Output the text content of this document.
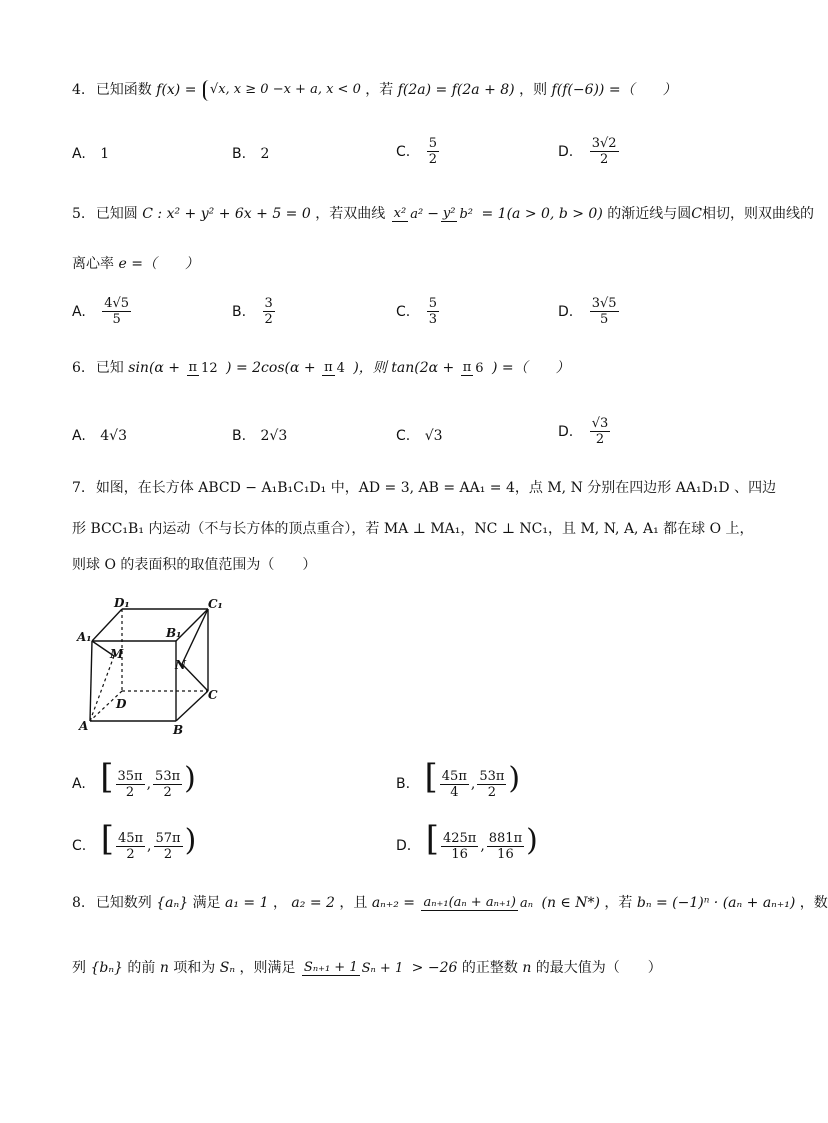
4. 已知函数 f(x) = √x, x ≥ 0 −x + a, x < 0 ，若 f(2a) = f(2a + 8) ，则 f(f(−6)) =（　　）
A. 1	B. 2	C. $\frac{5}{2}$	D. $\frac{3√2}{2}$
5. 已知圆 C : x² + y² + 6x + 5 = 0 ，若双曲线 x² a² − y² b² = 1(a > 0, b > 0) 的渐近线与圆C相切，则双曲线的
离心率 e =（　　）
A. $\frac{4√5}{5}$	B. $\frac{3}{2}$	C. $\frac{5}{3}$	D. $\frac{3√5}{5}$
6. 已知 sin(α + π 12 ) = 2cos(α + π 4 )，则 tan(2α + π 6 ) =（　　）
A. 4√3	B. 2√3	C. √3	D. $\frac{√3}{2}$
7. 如图，在长方体 ABCD − A₁B₁C₁D₁ 中，AD = 3, AB = AA₁ = 4，点 M, N 分别在四边形 AA₁D₁D 、四边
形 BCC₁B₁ 内运动（不与长方体的顶点重合），若 MA ⊥ MA₁，NC ⊥ NC₁，且 M, N, A, A₁ 都在球 O 上，
则球 O 的表面积的取值范围为（　　）
D₁	C₁
A₁	B₁
M
N
D
C
A	B
A. [ $\frac{35\pi}{2}$ , $\frac{53\pi}{2}$ )	B. [ $\frac{45\pi}{4}$ , $\frac{53\pi}{2}$ )
C. [ $\frac{45\pi}{2}$ , $\frac{57\pi}{2}$ )	D. [ $\frac{425\pi}{16}$ , $\frac{881\pi}{16}$ )
8. 已知数列 {aₙ} 满足 a₁ = 1 ， a₂ = 2 ，且 aₙ₊₂ = aₙ₊₁(aₙ + aₙ₊₁) aₙ (n ∈ N*) ，若 bₙ = (−1)ⁿ · (aₙ + aₙ₊₁) ，数
列 {bₙ} 的前 n 项和为 Sₙ ，则满足 Sₙ₊₁ + 1 Sₙ + 1 > −26 的正整数 n 的最大值为（　　）
